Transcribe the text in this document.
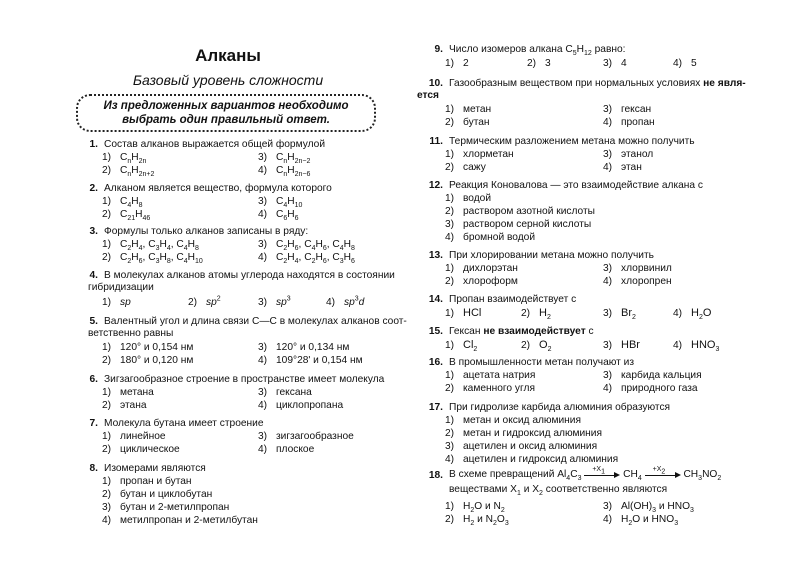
Алканы
Базовый уровень сложности
Из предложенных вариантов необходимо
выбрать один правильный ответ.
1. Состав алканов выражается общей формулой
1) $C_nH_{2n}$	3) $C_nH_{2n-2}$
2) $C_nH_{2n+2}$	4) $C_nH_{2n-6}$
2. Алканом является вещество, формула которого
1) $C_4H_8$	3) $C_4H_{10}$
2) $C_{21}H_{46}$	4) $C_6H_6$
3. Формулы только алканов записаны в ряду:
1) $C_2H_4$, $C_3H_4$, $C_4H_8$	3) $C_2H_6$, $C_4H_6$, $C_4H_8$
2) $C_2H_6$, $C_3H_8$, $C_4H_{10}$	4) $C_2H_4$, $C_2H_6$, $C_3H_6$
4. В молекулах алканов атомы углерода находятся в состоянии
гибридизации
1) sp	2) $sp^2$	3) $sp^3$	4) $sp^3d$
5. Валентный угол и длина связи С—С в молекулах алканов соот-
ветственно равны
1) 120° и 0,154 нм	3) 120° и 0,134 нм
2) 180° и 0,120 нм	4) 109°28' и 0,154 нм
6. Зигзагообразное строение в пространстве имеет молекула
1) метана	3) гексана
2) этана	4) циклопропана
7. Молекула бутана имеет строение
1) линейное	3) зигзагообразное
2) циклическое	4) плоское
8. Изомерами являются
1) пропан и бутан
2) бутан и циклобутан
3) бутан и 2-метилпропан
4) метилпропан и 2-метилбутан
9. Число изомеров алкана $C_5H_{12}$ равно:
1) 2	2) 3	3) 4	4) 5
10. Газообразным веществом при нормальных условиях не явля-
ется
1) метан	3) гексан
2) бутан	4) пропан
11. Термическим разложением метана можно получить
1) хлорметан	3) этанол
2) сажу	4) этан
12. Реакция Коновалова — это взаимодействие алкана с
1) водой
2) раствором азотной кислоты
3) раствором серной кислоты
4) бромной водой
13. При хлорировании метана можно получить
1) дихлорэтан	3) хлорвинил
2) хлороформ	4) хлоропрен
14. Пропан взаимодействует с
1) HCl	2) $H_2$	3) $Br_2$	4) $H_2O$
15. Гексан не взаимодействует с
1) $Cl_2$	2) $O_2$	3) HBr	4) $HNO_3$
16. В промышленности метан получают из
1) ацетата натрия	3) карбида кальция
2) каменного угля	4) природного газа
17. При гидролизе карбида алюминия образуются
1) метан и оксид алюминия
2) метан и гидроксид алюминия
3) ацетилен и оксид алюминия
4) ацетилен и гидроксид алюминия
18. В схеме превращений $Al_4C_3$
$+X_1$ $CH_4$
$+X_2$ $CH_3NO_2$
веществами $X_1$ и $X_2$ соответственно являются
1) $H_2O$ и $N_2$	3) $Al(OH)_3$ и $HNO_3$
2) $H_2$ и $N_2O_3$	4) $H_2O$ и $HNO_3$
